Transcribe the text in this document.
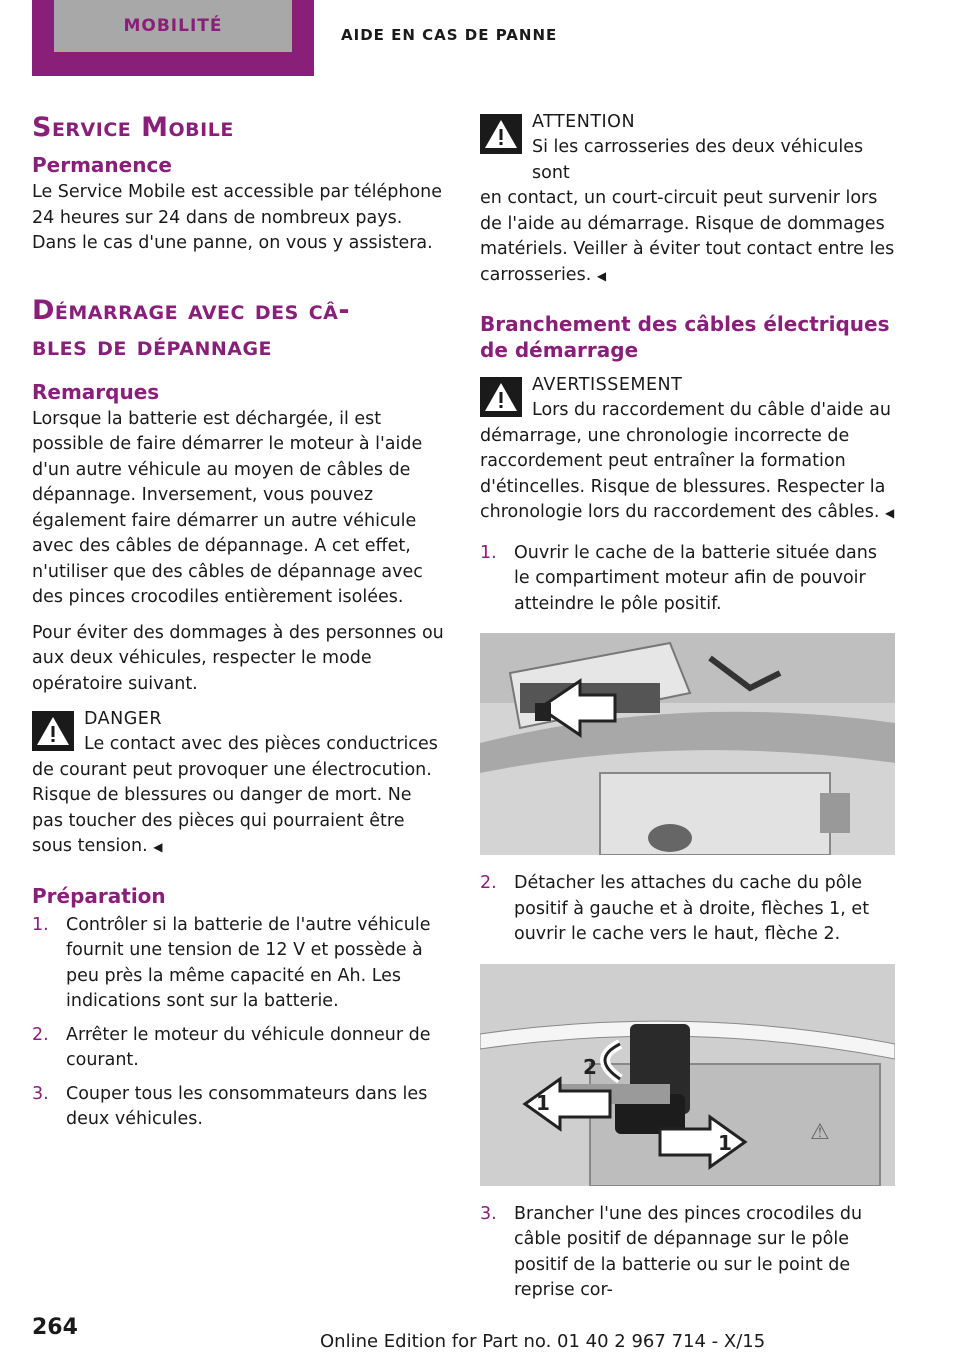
MOBILITÉ	AIDE EN CAS DE PANNE
Service Mobile
Permanence
Le Service Mobile est accessible par téléphone 24 heures sur 24 dans de nombreux pays. Dans le cas d'une panne, on vous y assistera.
Démarrage avec des câ-
bles de dépannage
Remarques
Lorsque la batterie est déchargée, il est possible de faire démarrer le moteur à l'aide d'un autre véhicule au moyen de câbles de dépannage. Inversement, vous pouvez également faire démarrer un autre véhicule avec des câbles de dépannage. A cet effet, n'utiliser que des câbles de dépannage avec des pinces crocodiles entièrement isolées.
Pour éviter des dommages à des personnes ou aux deux véhicules, respecter le mode opératoire suivant.
DANGER
Le contact avec des pièces conductrices
de courant peut provoquer une électrocution. Risque de blessures ou danger de mort. Ne pas toucher des pièces qui pourraient être sous tension. ◀
Préparation
1. Contrôler si la batterie de l'autre véhicule fournit une tension de 12 V et possède à peu près la même capacité en Ah. Les indications sont sur la batterie.
2. Arrêter le moteur du véhicule donneur de courant.
3. Couper tous les consommateurs dans les deux véhicules.
ATTENTION
Si les carrosseries des deux véhicules sont
en contact, un court-circuit peut survenir lors de l'aide au démarrage. Risque de dommages matériels. Veiller à éviter tout contact entre les carrosseries. ◀
Branchement des câbles électriques de démarrage
AVERTISSEMENT
Lors du raccordement du câble d'aide au
démarrage, une chronologie incorrecte de raccordement peut entraîner la formation d'étincelles. Risque de blessures. Respecter la chronologie lors du raccordement des câbles. ◀
1. Ouvrir le cache de la batterie située dans le compartiment moteur afin de pouvoir atteindre le pôle positif.
2. Détacher les attaches du cache du pôle positif à gauche et à droite, flèches 1, et ouvrir le cache vers le haut, flèche 2.
1
1
2
⚠
3. Brancher l'une des pinces crocodiles du câble positif de dépannage sur le pôle positif de la batterie ou sur le point de reprise cor-
264
Online Edition for Part no. 01 40 2 967 714 - X/15
